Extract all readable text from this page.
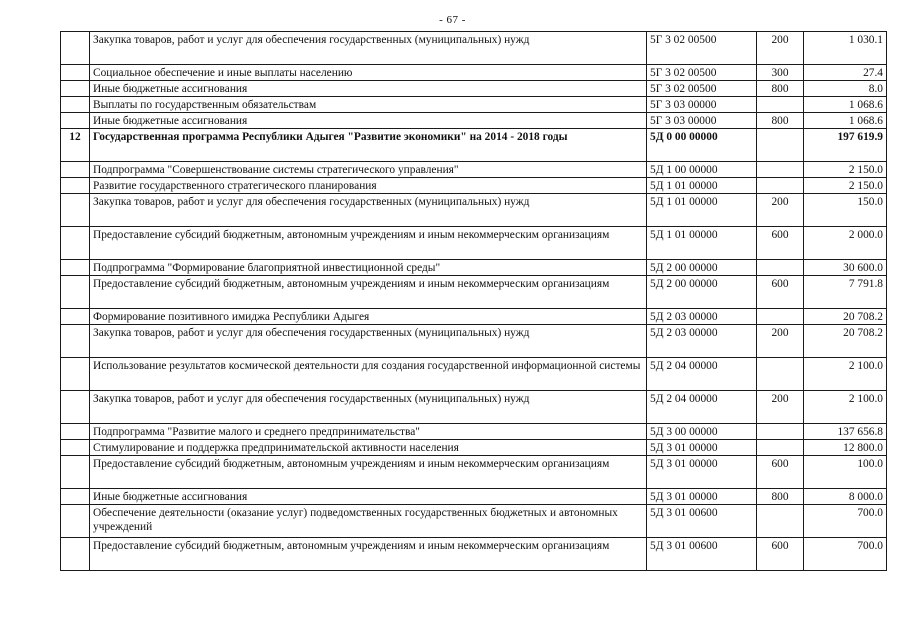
- 67 -
	Закупка товаров, работ и услуг для обеспечения государственных (муниципальных) нужд	5Г 3 02 00500	200	1 030.1
	Социальное обеспечение и иные выплаты населению	5Г 3 02 00500	300	27.4
	Иные бюджетные ассигнования	5Г 3 02 00500	800	8.0
	Выплаты по государственным обязательствам	5Г 3 03 00000		1 068.6
	Иные бюджетные ассигнования	5Г 3 03 00000	800	1 068.6
12	Государственная программа Республики Адыгея "Развитие экономики" на 2014 - 2018 годы	5Д 0 00 00000		197 619.9
	Подпрограмма "Совершенствование системы стратегического управления"	5Д 1 00 00000		2 150.0
	Развитие государственного стратегического планирования	5Д 1 01 00000		2 150.0
	Закупка товаров, работ и услуг для обеспечения государственных (муниципальных) нужд	5Д 1 01 00000	200	150.0
	Предоставление субсидий бюджетным, автономным учреждениям и иным некоммерческим организациям	5Д 1 01 00000	600	2 000.0
	Подпрограмма "Формирование благоприятной инвестиционной среды"	5Д 2 00 00000		30 600.0
	Предоставление субсидий бюджетным, автономным учреждениям и иным некоммерческим организациям	5Д 2 00 00000	600	7 791.8
	Формирование позитивного имиджа Республики Адыгея	5Д 2 03 00000		20 708.2
	Закупка товаров, работ и услуг для обеспечения государственных (муниципальных) нужд	5Д 2 03 00000	200	20 708.2
	Использование результатов космической деятельности для создания государственной информационной системы	5Д 2 04 00000		2 100.0
	Закупка товаров, работ и услуг для обеспечения государственных (муниципальных) нужд	5Д 2 04 00000	200	2 100.0
	Подпрограмма "Развитие малого и среднего предпринимательства"	5Д 3 00 00000		137 656.8
	Стимулирование и поддержка предпринимательской активности населения	5Д 3 01 00000		12 800.0
	Предоставление субсидий бюджетным, автономным учреждениям и иным некоммерческим организациям	5Д 3 01 00000	600	100.0
	Иные бюджетные ассигнования	5Д 3 01 00000	800	8 000.0
	Обеспечение деятельности (оказание услуг) подведомственных государственных бюджетных и автономных учреждений	5Д 3 01 00600		700.0
	Предоставление субсидий бюджетным, автономным учреждениям и иным некоммерческим организациям	5Д 3 01 00600	600	700.0
